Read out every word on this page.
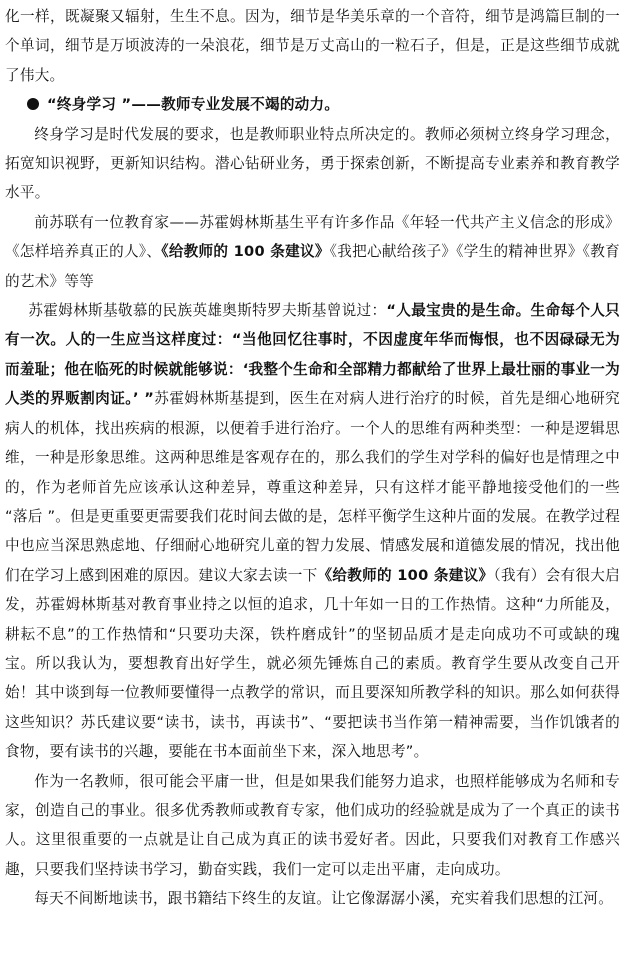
化一样，既凝聚又辐射，生生不息。因为，细节是华美乐章的一个音符，细节是鸿篇巨制的一个单词，细节是万顷波涛的一朵浪花，细节是万丈高山的一粒石子，但是，正是这些细节成就了伟大。

“终身学习 ”——教师专业发展不竭的动力。

终身学习是时代发展的要求，也是教师职业特点所决定的。教师必须树立终身学习理念，拓宽知识视野，更新知识结构。潜心钻研业务，勇于探索创新，不断提高专业素养和教育教学水平。

前苏联有一位教育家——苏霍姆林斯基生平有许多作品《年轻一代共产主义信念的形成》《怎样培养真正的人》、《给教师的 100 条建议》《我把心献给孩子》《学生的精神世界》《教育的艺术》等等

苏霍姆林斯基敬慕的民族英雄奥斯特罗夫斯基曾说过：“人最宝贵的是生命。生命每个人只有一次。人的一生应当这样度过：“当他回忆往事时，不因虚度年华而悔恨，也不因碌碌无为而羞耻；他在临死的时候就能够说：‘我整个生命和全部精力都献给了世界上最壮丽的事业一为人类的界贩割肉证。’ ”苏霍姆林斯基提到，医生在对病人进行治疗的时候，首先是细心地研究病人的机体，找出疾病的根源，以便着手进行治疗。一个人的思维有两种类型：一种是逻辑思维，一种是形象思维。这两种思维是客观存在的，那么我们的学生对学科的偏好也是情理之中的，作为老师首先应该承认这种差异，尊重这种差异，只有这样才能平静地接受他们的一些 “落后 ”。但是更重要更需要我们花时间去做的是，怎样平衡学生这种片面的发展。在教学过程中也应当深思熟虑地、仔细耐心地研究儿童的智力发展、情感发展和道德发展的情况，找出他们在学习上感到困难的原因。建议大家去读一下《给教师的 100 条建议》（我有）会有很大启发，苏霍姆林斯基对教育事业持之以恒的追求，几十年如一日的工作热情。这种“力所能及，耕耘不息”的工作热情和“只要功夫深，铁杵磨成针”的坚韧品质才是走向成功不可或缺的瑰宝。所以我认为，要想教育出好学生，就必须先锤炼自己的素质。教育学生要从改变自己开始！其中谈到每一位教师要懂得一点教学的常识，而且要深知所教学科的知识。那么如何获得这些知识？苏氏建议要“读书，读书，再读书”、“要把读书当作第一精神需要，当作饥饿者的食物，要有读书的兴趣，要能在书本面前坐下来，深入地思考”。

作为一名教师，很可能会平庸一世，但是如果我们能努力追求，也照样能够成为名师和专家，创造自己的事业。很多优秀教师或教育专家，他们成功的经验就是成为了一个真正的读书人。这里很重要的一点就是让自己成为真正的读书爱好者。因此，只要我们对教育工作感兴趣，只要我们坚持读书学习，勤奋实践，我们一定可以走出平庸，走向成功。

每天不间断地读书，跟书籍结下终生的友谊。让它像潺潺小溪，充实着我们思想的江河。
